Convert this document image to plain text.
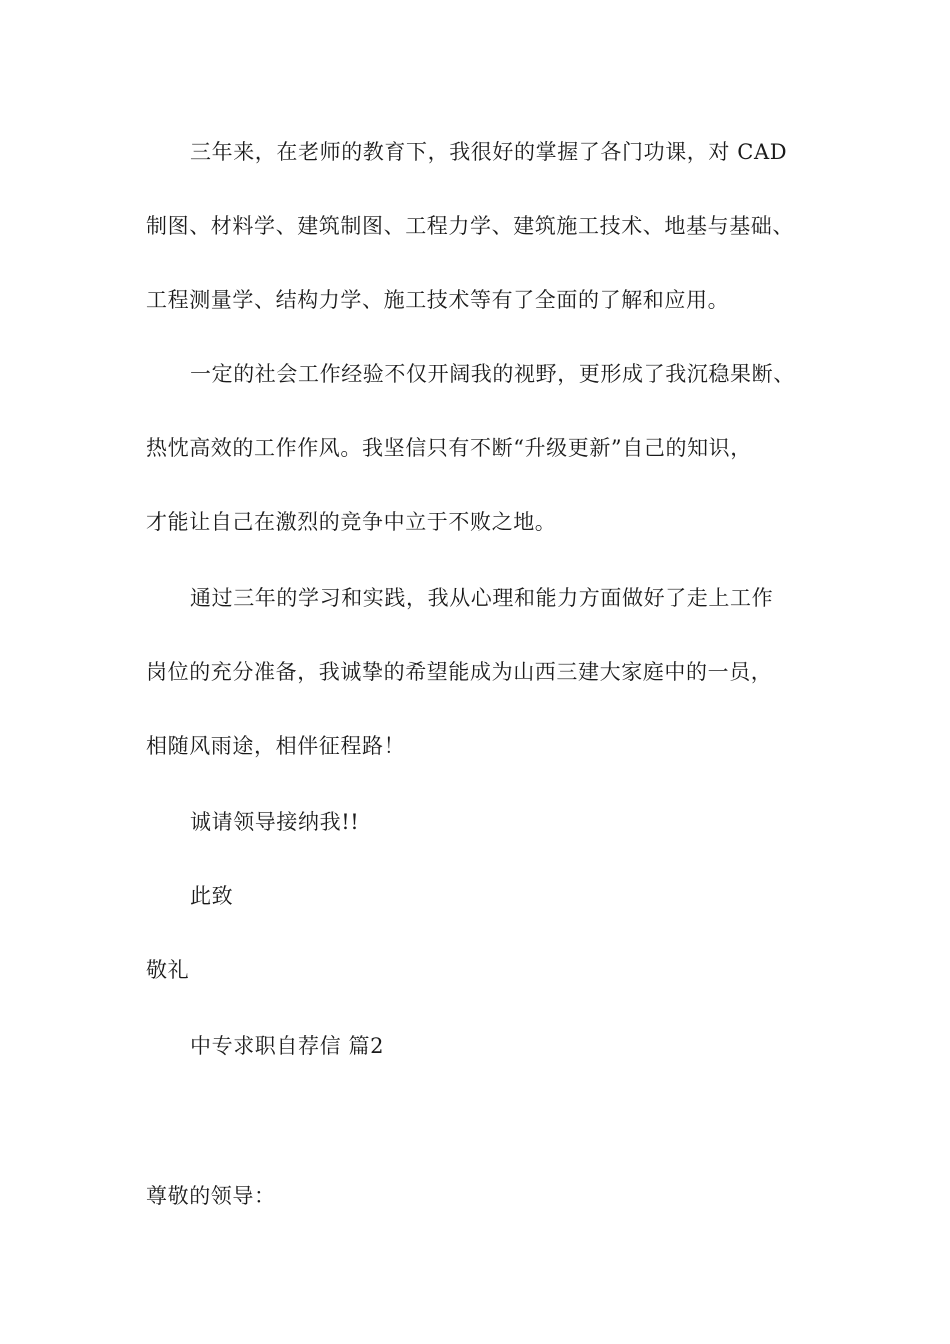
三年来，在老师的教育下，我很好的掌握了各门功课，对 CAD
制图、材料学、建筑制图、工程力学、建筑施工技术、地基与基础、
工程测量学、结构力学、施工技术等有了全面的了解和应用。
一定的社会工作经验不仅开阔我的视野，更形成了我沉稳果断、
热忱高效的工作作风。我坚信只有不断“升级更新”自己的知识，
才能让自己在激烈的竞争中立于不败之地。
通过三年的学习和实践，我从心理和能力方面做好了走上工作
岗位的充分准备，我诚挚的希望能成为山西三建大家庭中的一员，
相随风雨途，相伴征程路！
诚请领导接纳我!!
此致
敬礼
中专求职自荐信 篇2
尊敬的领导：
